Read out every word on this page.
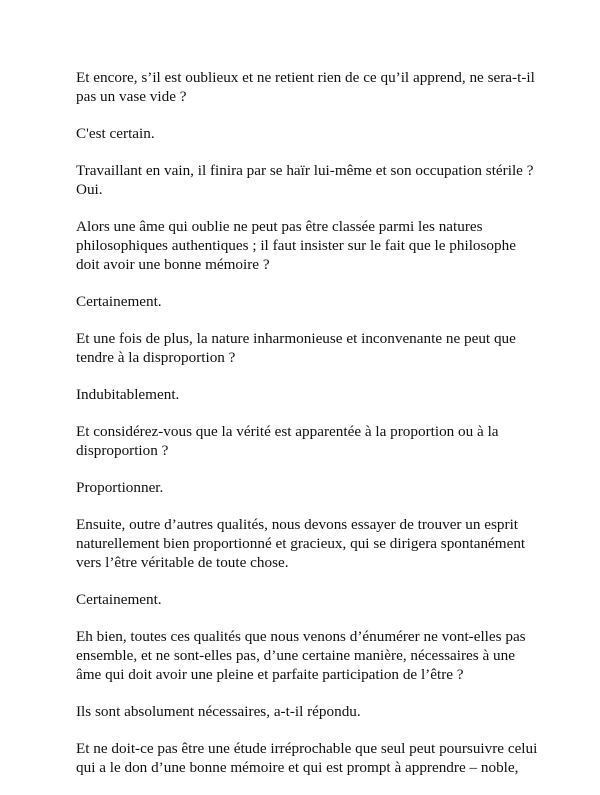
Et encore, s’il est oublieux et ne retient rien de ce qu’il apprend, ne sera-t-il
pas un vase vide ?

C'est certain.

Travaillant en vain, il finira par se haïr lui-même et son occupation stérile ?
Oui.

Alors une âme qui oublie ne peut pas être classée parmi les natures
philosophiques authentiques ; il faut insister sur le fait que le philosophe
doit avoir une bonne mémoire ?

Certainement.

Et une fois de plus, la nature inharmonieuse et inconvenante ne peut que
tendre à la disproportion ?

Indubitablement.

Et considérez-vous que la vérité est apparentée à la proportion ou à la
disproportion ?

Proportionner.

Ensuite, outre d’autres qualités, nous devons essayer de trouver un esprit
naturellement bien proportionné et gracieux, qui se dirigera spontanément
vers l’être véritable de toute chose.

Certainement.

Eh bien, toutes ces qualités que nous venons d’énumérer ne vont-elles pas
ensemble, et ne sont-elles pas, d’une certaine manière, nécessaires à une
âme qui doit avoir une pleine et parfaite participation de l’être ?

Ils sont absolument nécessaires, a-t-il répondu.

Et ne doit-ce pas être une étude irréprochable que seul peut poursuivre celui
qui a le don d’une bonne mémoire et qui est prompt à apprendre – noble,
